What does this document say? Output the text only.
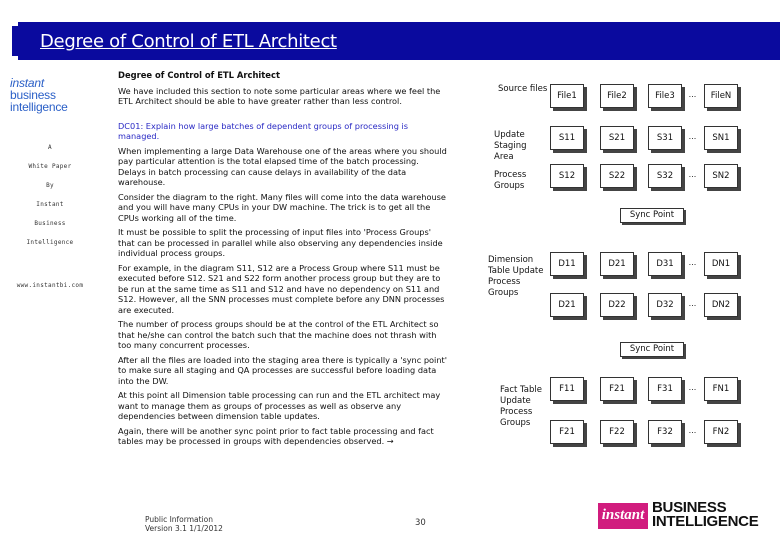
Degree of Control of ETL Architect
instant
business
intelligence
A
White Paper
By
Instant
Business
Intelligence
www.instantbi.com

Degree of Control of ETL Architect

We have included this section to note some particular areas where we feel the ETL Architect should be able to have greater rather than less control.

DC01: Explain how large batches of dependent groups of processing is managed.

When implementing a large Data Warehouse one of the areas where you should pay particular attention is the total elapsed time of the batch processing. Delays in batch processing can cause delays in availability of the data warehouse.

Consider the diagram to the right. Many files will come into the data warehouse and you will have many CPUs in your DW machine. The trick is to get all the CPUs working all of the time.

It must be possible to split the processing of input files into 'Process Groups' that can be processed in parallel while also observing any dependencies inside individual process groups.

For example, in the diagram S11, S12 are a Process Group where S11 must be executed before S12. S21 and S22 form another process group but they are to be run at the same time as S11 and S12 and have no dependency on S11 and S12. However, all the SNN processes must complete before any DNN processes are executed.

The number of process groups should be at the control of the ETL Architect so that he/she can control the batch such that the machine does not thrash with too many concurrent processes.

After all the files are loaded into the staging area there is typically a 'sync point' to make sure all staging and QA processes are successful before loading data into the DW.

At this point all Dimension table processing can run and the ETL architect may want to manage them as groups of processes as well as observe any dependencies between dimension table updates.

Again, there will be another sync point prior to fact table processing and fact tables may be processed in groups with dependencies observed. →

Source files
File1	File2	File3	...	FileN
Update Staging Area
S11	S21	S31	...	SN1
Process Groups
S12	S22	S32	...	SN2
Sync Point
Dimension Table Update Process Groups
D11	D21	D31	...	DN1
D21	D22	D32	...	DN2
Sync Point
Fact Table Update Process Groups
F11	F21	F31	...	FN1
F21	F22	F32	...	FN2
Public Information
Version 3.1 1/1/2012
30	instant BUSINESS
INTELLIGENCE
